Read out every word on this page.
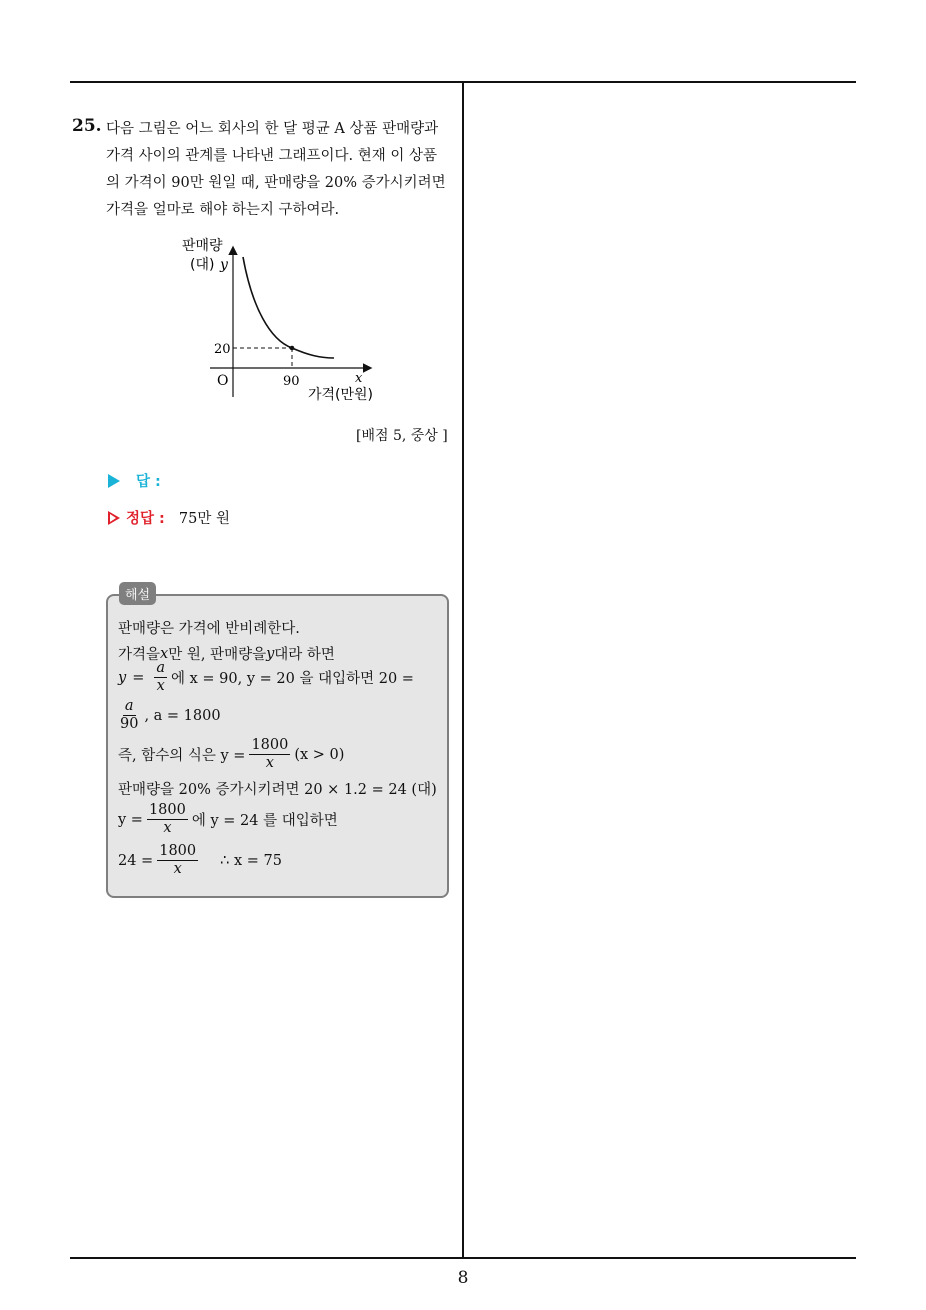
25. 다음 그림은 어느 회사의 한 달 평균 A 상품 판매량과
가격 사이의 관계를 나타낸 그래프이다. 현재 이 상품
의 가격이 90만 원일 때, 판매량을 20% 증가시키려면
가격을 얼마로 해야 하는지 구하여라.
판매량
(대) y
20
O	90	x
가격(만원)
[배점 5, 중상 ]
답 :
정답 : 75만 원
해설
판매량은 가격에 반비례한다.
가격을 x 만 원, 판매량을 y 대라 하면
$y = \frac{a}{x}$ 에 x = 90, y = 20 을 대입하면 20 =
$\frac{a}{90}$ , a = 1800
즉, 함수의 식은 $y = \frac{1800}{x} (x > 0)$
판매량을 20% 증가시키려면 20 × 1.2 = 24 (대)
$y = \frac{1800}{x}$ 에 y = 24 를 대입하면
$24 = \frac{1800}{x}$ ∴ x = 75
8
